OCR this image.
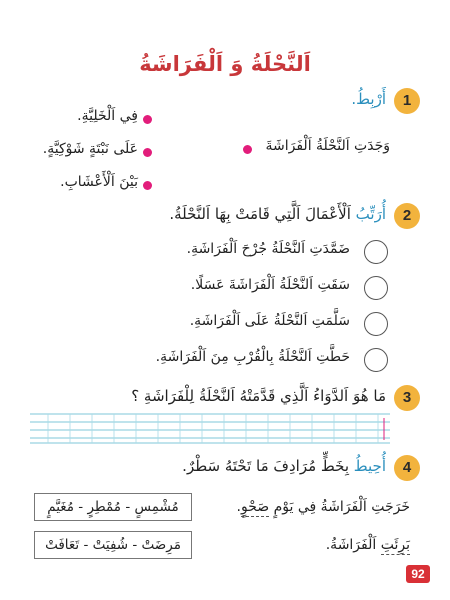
اَلنَّحْلَةُ وَ اَلْفَرَاشَةُ
1
أَرْبِطُ.
فِي اَلْخَلِيَّةِ.
عَلَى نَبْتَةٍ شَوْكِيَّةٍ.
بَيْنَ اَلْأَعْشَابِ.
وَجَدَتِ اَلنَّحْلَةُ اَلْفَرَاشَةَ
2
أُرَتِّبُ اَلْأَعْمَالَ اَلَّتِي قَامَتْ بِهَا اَلنَّحْلَةُ.
ضَمَّدَتِ اَلنَّحْلَةُ جُرْحَ اَلْفَرَاشَةِ.
سَقَتِ اَلنَّحْلَةُ اَلْفَرَاشَةَ عَسَلًا.
سَلَّمَتِ اَلنَّحْلَةُ عَلَى اَلْفَرَاشَةِ.
حَطَّتِ اَلنَّحْلَةُ بِالْقُرْبِ مِنَ اَلْفَرَاشَةِ.
3
مَا هُوَ اَلدَّوَاءُ اَلَّذِي قَدَّمَتْهُ اَلنَّحْلَةُ لِلْفَرَاشَةِ ؟
4
أُحِيطُ بِخَطٍّ مُرَادِفَ مَا تَحْتَهُ سَطْرٌ.
خَرَجَتِ اَلْفَرَاشَةُ فِي يَوْمٍ صَحْوٍ.
بَرِئَتِ اَلْفَرَاشَةُ.
مُشْمِسٍ - مُمْطِرٍ - مُغَيَّمٍ
مَرِضَتْ - شُفِيَتْ - تَعَافَتْ
92
